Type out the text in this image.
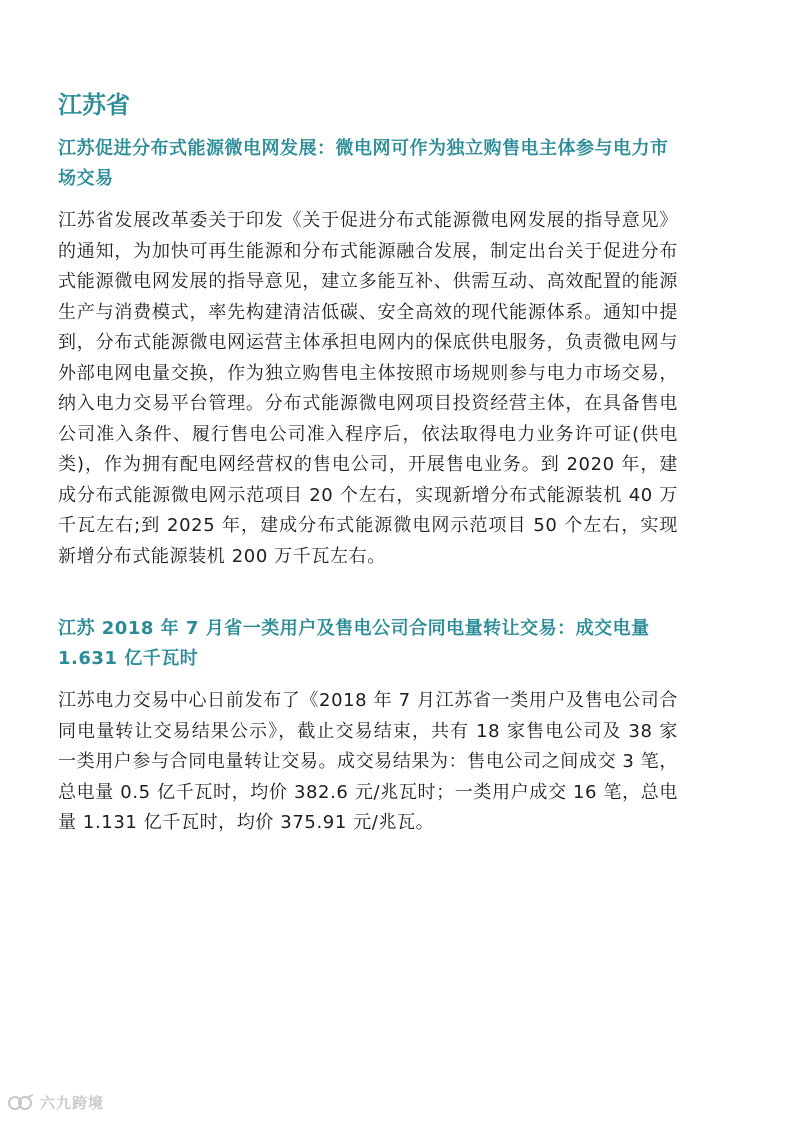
江苏省
江苏促进分布式能源微电网发展：微电网可作为独立购售电主体参与电力市场交易

江苏省发展改革委关于印发《关于促进分布式能源微电网发展的指导意见》的通知，为加快可再生能源和分布式能源融合发展，制定出台关于促进分布式能源微电网发展的指导意见，建立多能互补、供需互动、高效配置的能源生产与消费模式，率先构建清洁低碳、安全高效的现代能源体系。通知中提到，分布式能源微电网运营主体承担电网内的保底供电服务，负责微电网与外部电网电量交换，作为独立购售电主体按照市场规则参与电力市场交易，纳入电力交易平台管理。分布式能源微电网项目投资经营主体，在具备售电公司准入条件、履行售电公司准入程序后，依法取得电力业务许可证(供电类)，作为拥有配电网经营权的售电公司，开展售电业务。到 2020 年，建成分布式能源微电网示范项目 20 个左右，实现新增分布式能源装机 40 万千瓦左右;到 2025 年，建成分布式能源微电网示范项目 50 个左右，实现新增分布式能源装机 200 万千瓦左右。

江苏 2018 年 7 月省一类用户及售电公司合同电量转让交易：成交电量 1.631 亿千瓦时

江苏电力交易中心日前发布了《2018 年 7 月江苏省一类用户及售电公司合同电量转让交易结果公示》，截止交易结束，共有 18 家售电公司及 38 家一类用户参与合同电量转让交易。成交易结果为：售电公司之间成交 3 笔，总电量 0.5 亿千瓦时，均价 382.6 元/兆瓦时；一类用户成交 16 笔，总电量 1.131 亿千瓦时，均价 375.91 元/兆瓦。

六九跨境
